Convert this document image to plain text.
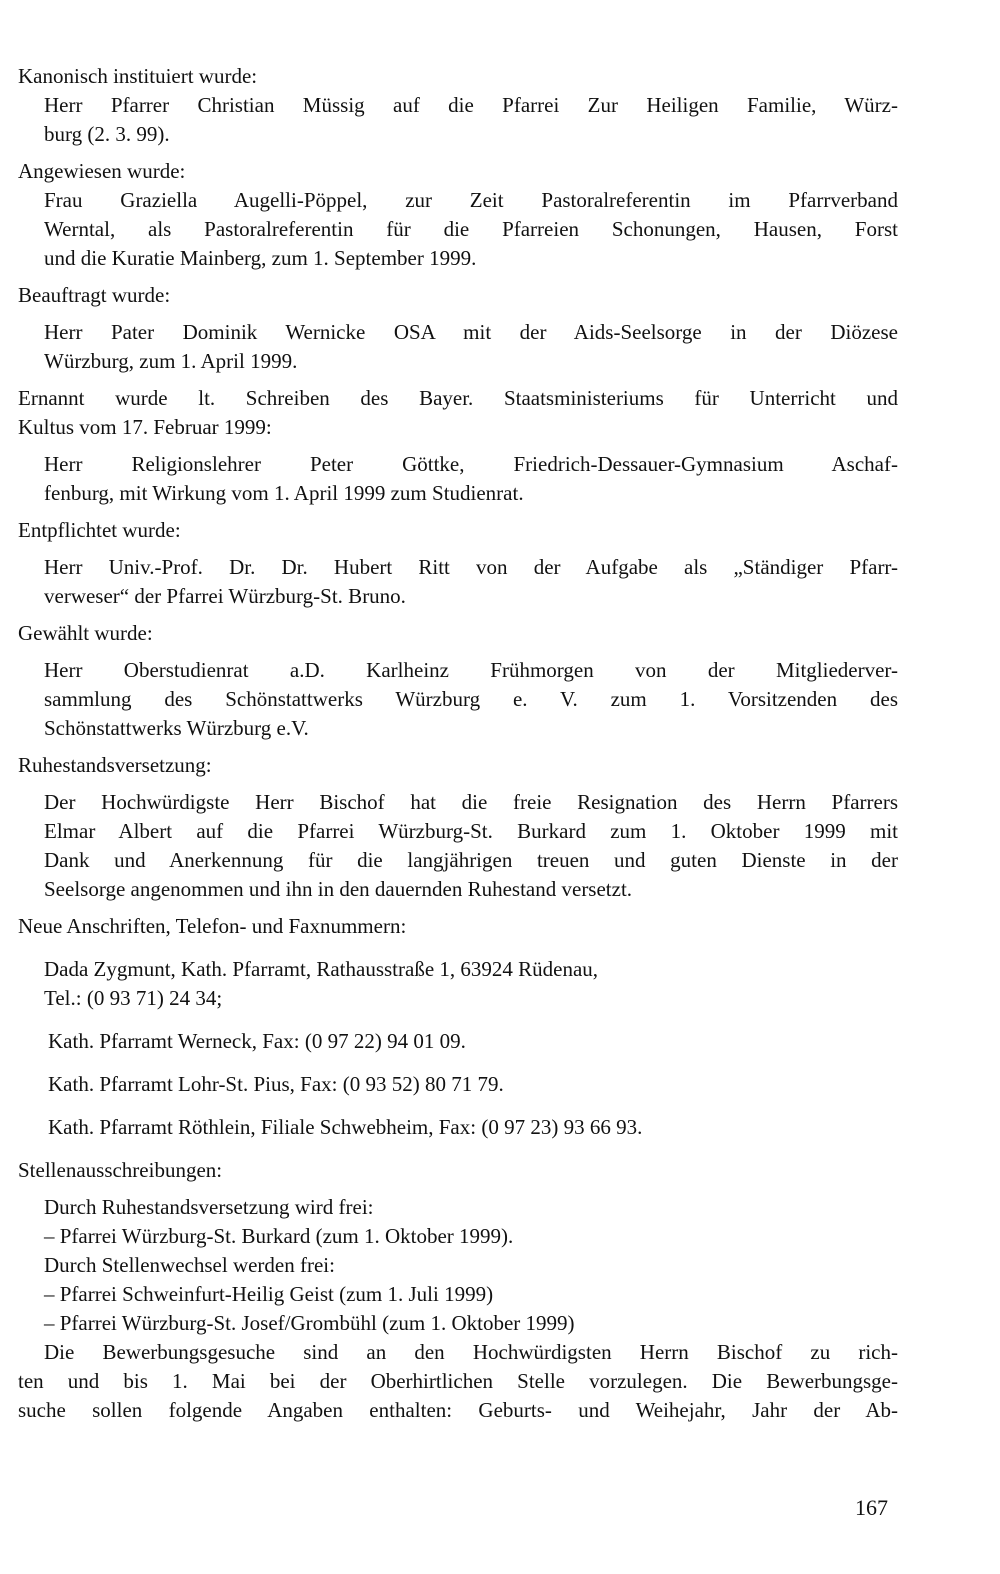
Kanonisch instituiert wurde:
Herr Pfarrer Christian Müssig auf die Pfarrei Zur Heiligen Familie, Würz-
burg (2. 3. 99).
Angewiesen wurde:
Frau Graziella Augelli-Pöppel, zur Zeit Pastoralreferentin im Pfarrverband
Werntal, als Pastoralreferentin für die Pfarreien Schonungen, Hausen, Forst
und die Kuratie Mainberg, zum 1. September 1999.
Beauftragt wurde:
Herr Pater Dominik Wernicke OSA mit der Aids-Seelsorge in der Diözese
Würzburg, zum 1. April 1999.
Ernannt wurde lt. Schreiben des Bayer. Staatsministeriums für Unterricht und
Kultus vom 17. Februar 1999:
Herr Religionslehrer Peter Göttke, Friedrich-Dessauer-Gymnasium Aschaf-
fenburg, mit Wirkung vom 1. April 1999 zum Studienrat.
Entpflichtet wurde:
Herr Univ.-Prof. Dr. Dr. Hubert Ritt von der Aufgabe als „Ständiger Pfarr-
verweser“ der Pfarrei Würzburg-St. Bruno.
Gewählt wurde:
Herr Oberstudienrat a.D. Karlheinz Frühmorgen von der Mitgliederver-
sammlung des Schönstattwerks Würzburg e. V. zum 1. Vorsitzenden des
Schönstattwerks Würzburg e.V.
Ruhestandsversetzung:
Der Hochwürdigste Herr Bischof hat die freie Resignation des Herrn Pfarrers
Elmar Albert auf die Pfarrei Würzburg-St. Burkard zum 1. Oktober 1999 mit
Dank und Anerkennung für die langjährigen treuen und guten Dienste in der
Seelsorge angenommen und ihn in den dauernden Ruhestand versetzt.
Neue Anschriften, Telefon- und Faxnummern:
Dada Zygmunt, Kath. Pfarramt, Rathausstraße 1, 63924 Rüdenau,
Tel.: (0 93 71) 24 34;
Kath. Pfarramt Werneck, Fax: (0 97 22) 94 01 09.
Kath. Pfarramt Lohr-St. Pius, Fax: (0 93 52) 80 71 79.
Kath. Pfarramt Röthlein, Filiale Schwebheim, Fax: (0 97 23) 93 66 93.
Stellenausschreibungen:
Durch Ruhestandsversetzung wird frei:
– Pfarrei Würzburg-St. Burkard (zum 1. Oktober 1999).
Durch Stellenwechsel werden frei:
– Pfarrei Schweinfurt-Heilig Geist (zum 1. Juli 1999)
– Pfarrei Würzburg-St. Josef/Grombühl (zum 1. Oktober 1999)
Die Bewerbungsgesuche sind an den Hochwürdigsten Herrn Bischof zu rich-
ten und bis 1. Mai bei der Oberhirtlichen Stelle vorzulegen. Die Bewerbungsge-
suche sollen folgende Angaben enthalten: Geburts- und Weihejahr, Jahr der Ab-
167
